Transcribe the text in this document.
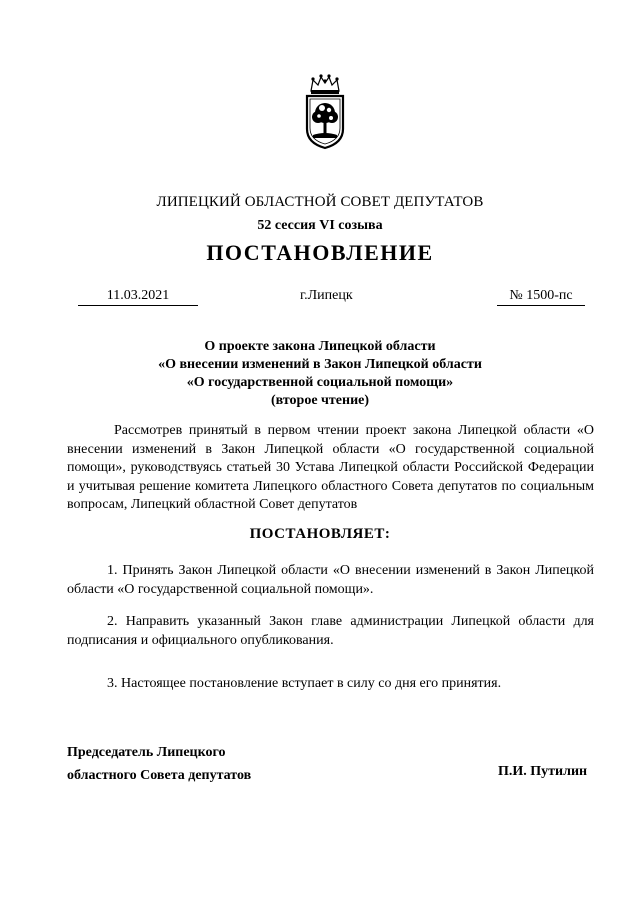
ЛИПЕЦКИЙ ОБЛАСТНОЙ СОВЕТ ДЕПУТАТОВ
52 сессия VI созыва
ПОСТАНОВЛЕНИЕ
11.03.2021	г.Липецк	№ 1500-пс
О проекте закона Липецкой области
«О внесении изменений в Закон Липецкой области
«О государственной социальной помощи»
(второе чтение)
Рассмотрев принятый в первом чтении проект закона Липецкой области «О внесении изменений в Закон Липецкой области «О государственной социальной помощи», руководствуясь статьей 30 Устава Липецкой области Российской Федерации и учитывая решение комитета Липецкого областного Совета депутатов по социальным вопросам, Липецкий областной Совет депутатов
ПОСТАНОВЛЯЕТ:
1. Принять Закон Липецкой области «О внесении изменений в Закон Липецкой области «О государственной социальной помощи».
2. Направить указанный Закон главе администрации Липецкой области для подписания и официального опубликования.
3. Настоящее постановление вступает в силу со дня его принятия.
Председатель Липецкого
областного Совета депутатов	П.И. Путилин
